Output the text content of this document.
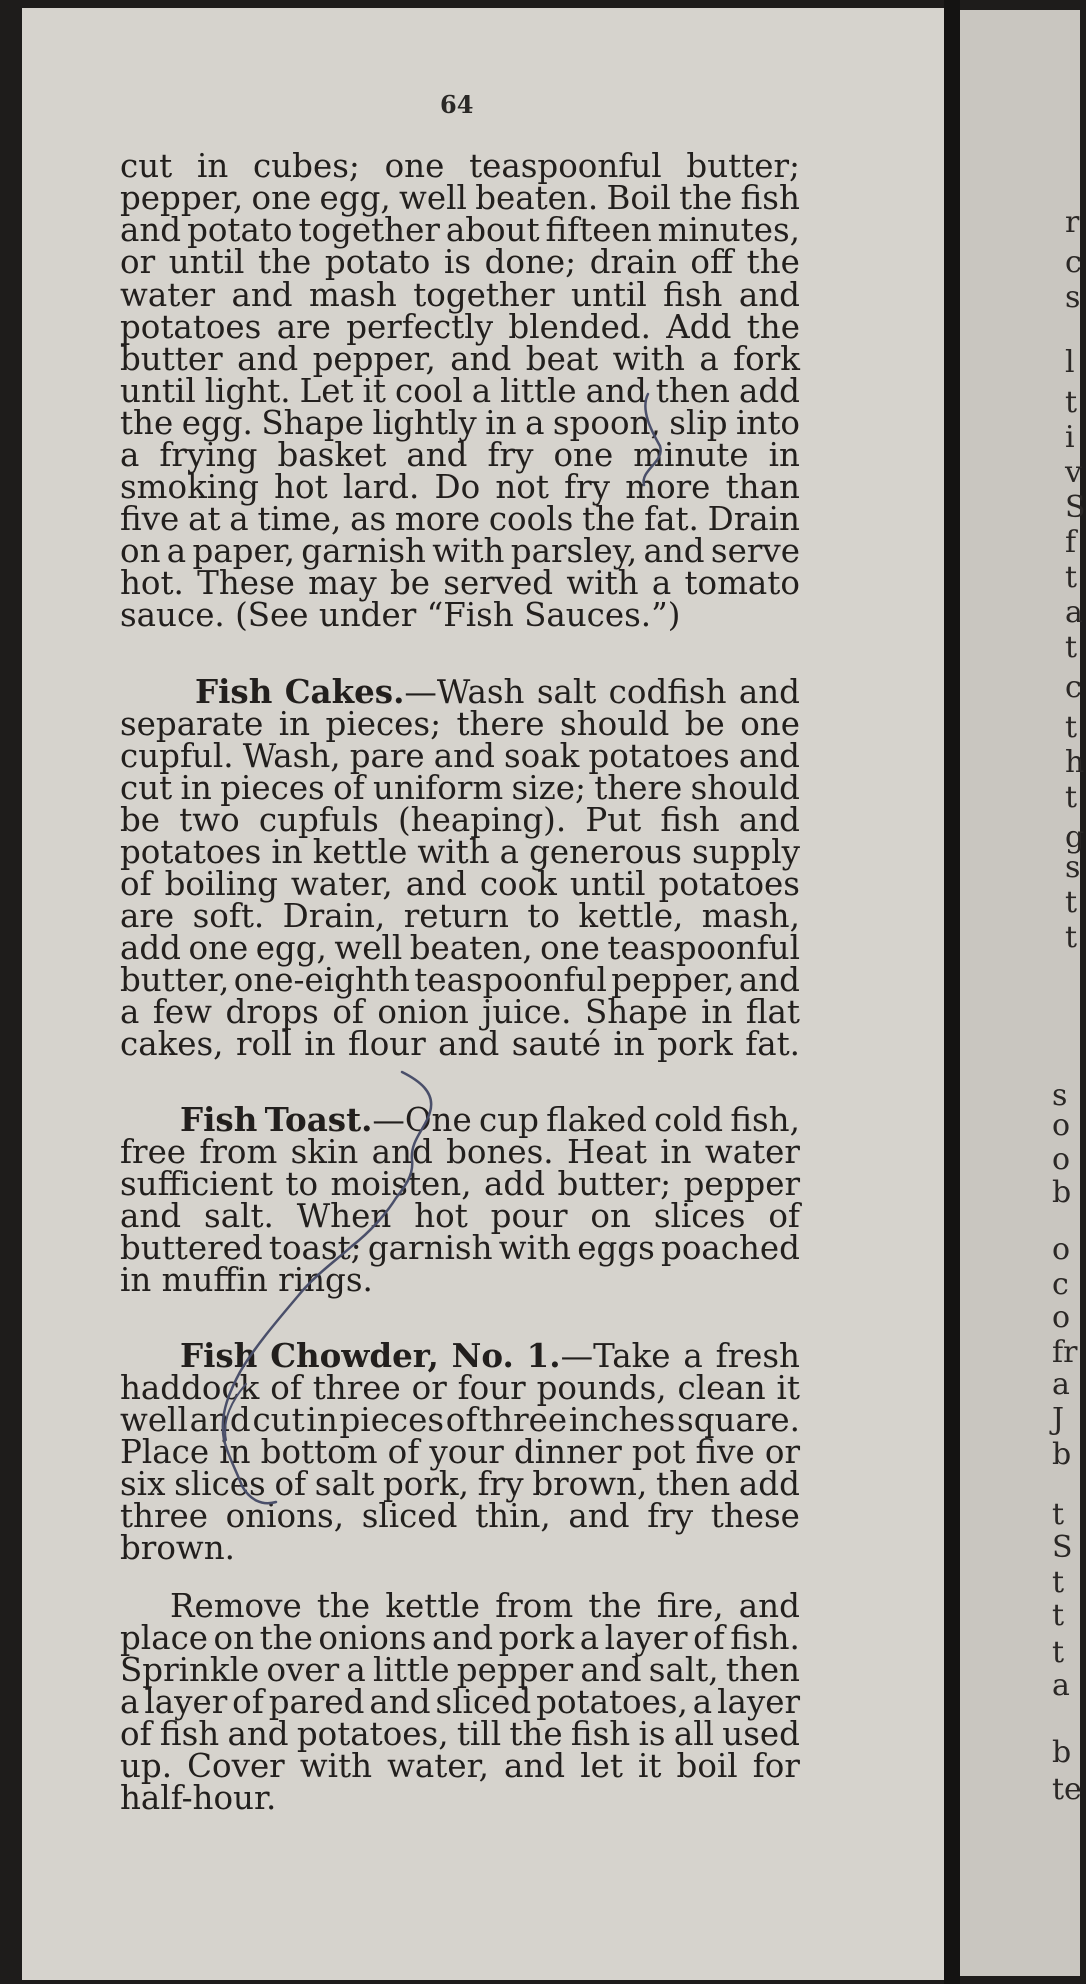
64
cut in cubes; one teaspoonful butter;
pepper, one egg, well beaten. Boil the fish
and potato together about fifteen minutes,
or until the potato is done; drain off the
water and mash together until fish and
potatoes are perfectly blended. Add the
butter and pepper, and beat with a fork
until light. Let it cool a little and then add
the egg. Shape lightly in a spoon, slip into
a frying basket and fry one minute in
smoking hot lard. Do not fry more than
five at a time, as more cools the fat. Drain
on a paper, garnish with parsley, and serve
hot. These may be served with a tomato
sauce. (See under “Fish Sauces.”)
Fish Cakes.—Wash salt codfish and
separate in pieces; there should be one
cupful. Wash, pare and soak potatoes and
cut in pieces of uniform size; there should
be two cupfuls (heaping). Put fish and
potatoes in kettle with a generous supply
of boiling water, and cook until potatoes
are soft. Drain, return to kettle, mash,
add one egg, well beaten, one teaspoonful
butter, one-eighth teaspoonful pepper, and
a few drops of onion juice. Shape in flat
cakes, roll in flour and sauté in pork fat.
Fish Toast.—One cup flaked cold fish,
free from skin and bones. Heat in water
sufficient to moisten, add butter; pepper
and salt. When hot pour on slices of
buttered toast; garnish with eggs poached
in muffin rings.
Fish Chowder, No. 1.—Take a fresh
haddock of three or four pounds, clean it
well and cut in pieces of three inches square.
Place in bottom of your dinner pot five or
six slices of salt pork, fry brown, then add
three onions, sliced thin, and fry these
brown.
Remove the kettle from the fire, and
place on the onions and pork a layer of fish.
Sprinkle over a little pepper and salt, then
a layer of pared and sliced potatoes, a layer
of fish and potatoes, till the fish is all used
up. Cover with water, and let it boil for
half-hour.
r
c
s
l
t
i
v
S
f
t
a
t
c
t
h
t
g
s
t
t
s
o
o
b
o
c
o
fr
a
J
b
t
S
t
t
t
a
b
te
